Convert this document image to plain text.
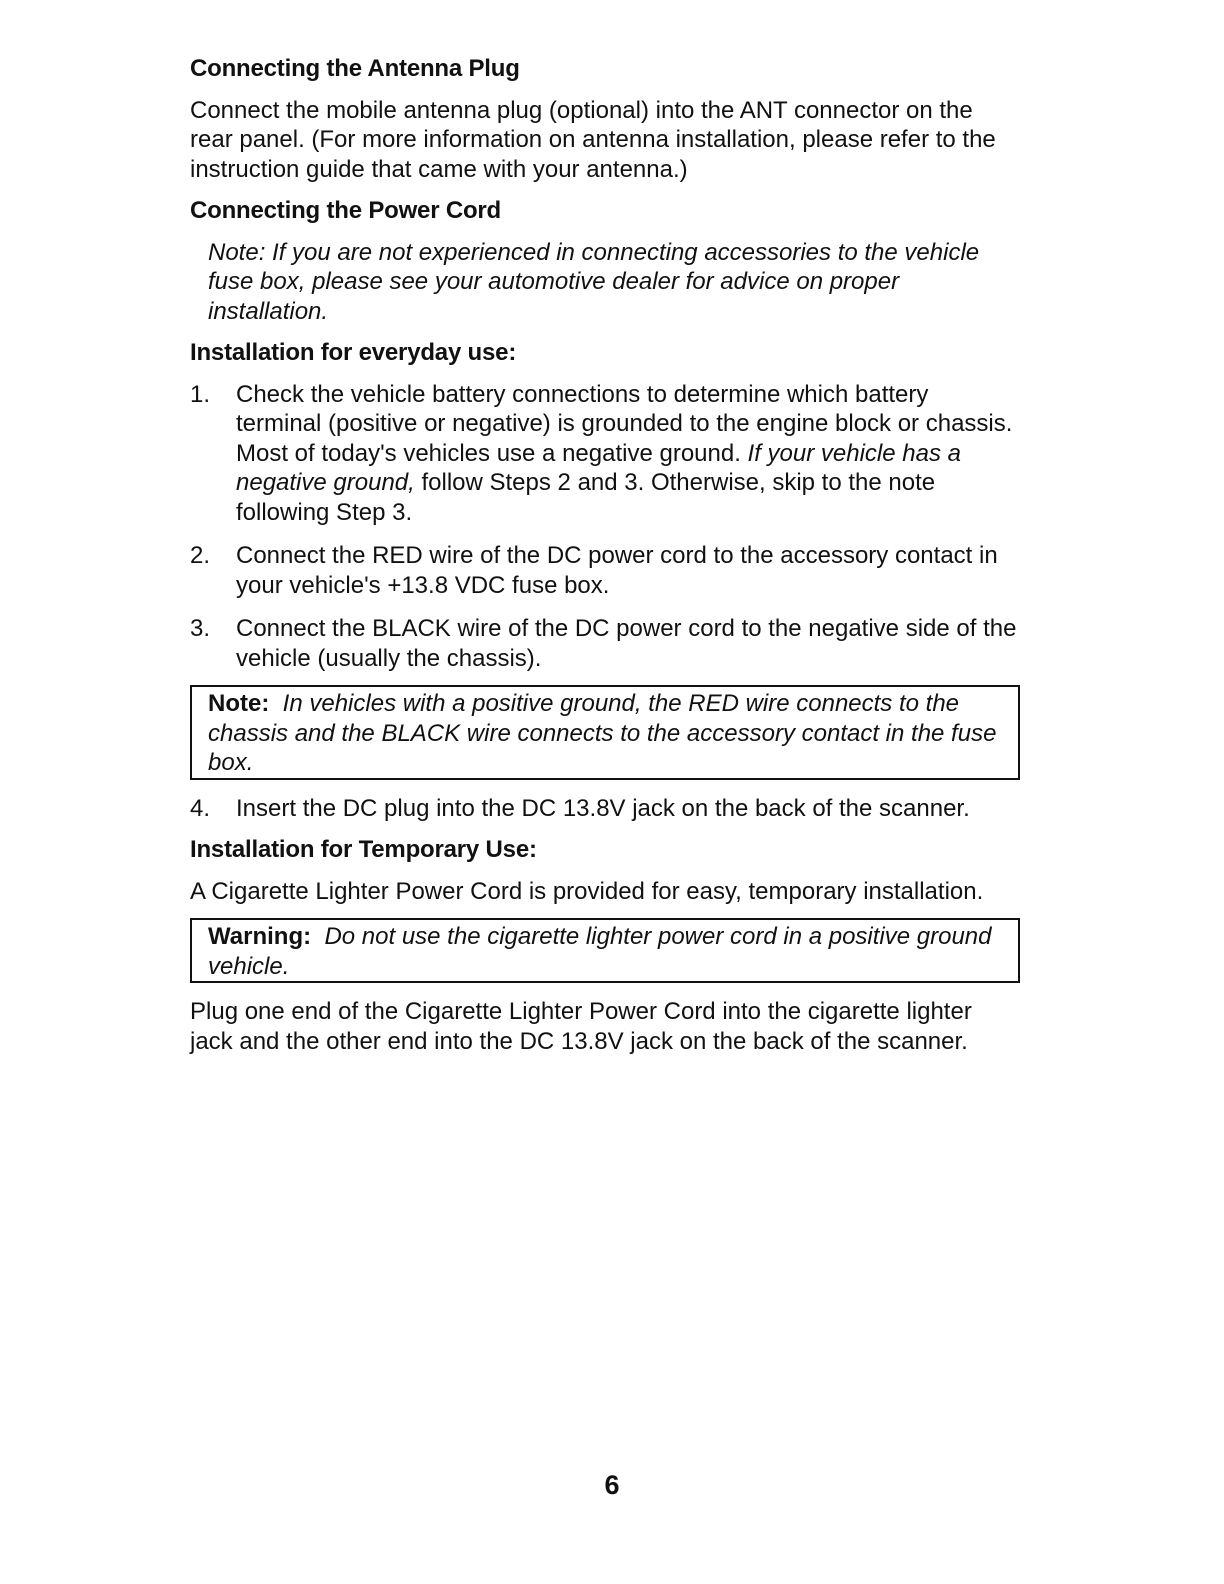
Connecting the Antenna Plug
Connect the mobile antenna plug (optional) into the ANT connector on the rear panel. (For more information on antenna installation, please refer to the instruction guide that came with your antenna.)
Connecting the Power Cord
Note: If you are not experienced in connecting accessories to the vehicle fuse box, please see your automotive dealer for advice on proper installation.
Installation for everyday use:
1. Check the vehicle battery connections to determine which battery terminal (positive or negative) is grounded to the engine block or chassis. Most of today's vehicles use a negative ground. If your vehicle has a negative ground, follow Steps 2 and 3. Otherwise, skip to the note following Step 3.
2. Connect the RED wire of the DC power cord to the accessory contact in your vehicle's +13.8 VDC fuse box.
3. Connect the BLACK wire of the DC power cord to the negative side of the vehicle (usually the chassis).
Note: In vehicles with a positive ground, the RED wire connects to the chassis and the BLACK wire connects to the accessory contact in the fuse box.
4. Insert the DC plug into the DC 13.8V jack on the back of the scanner.
Installation for Temporary Use:
A Cigarette Lighter Power Cord is provided for easy, temporary installation.
Warning: Do not use the cigarette lighter power cord in a positive ground vehicle.
Plug one end of the Cigarette Lighter Power Cord into the cigarette lighter jack and the other end into the DC 13.8V jack on the back of the scanner.
6
